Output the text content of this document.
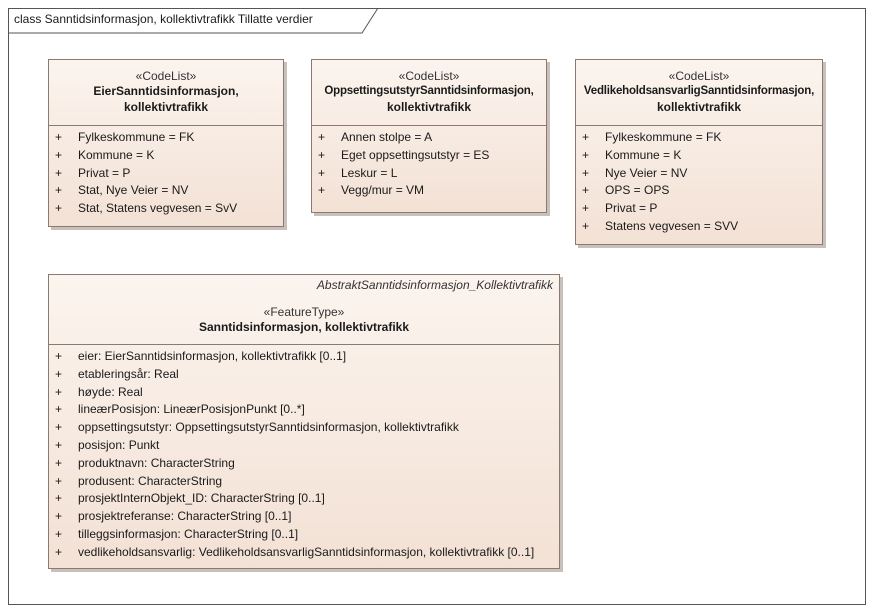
class Sanntidsinformasjon, kollektivtrafikk Tillatte verdier
«CodeList»
EierSanntidsinformasjon,
kollektivtrafikk
+ Fylkeskommune = FK
+ Kommune = K
+ Privat = P
+ Stat, Nye Veier = NV
+ Stat, Statens vegvesen = SvV
«CodeList»
OppsettingsutstyrSanntidsinformasjon,
kollektivtrafikk
+ Annen stolpe = A
+ Eget oppsettingsutstyr = ES
+ Leskur = L
+ Vegg/mur = VM
«CodeList»
VedlikeholdsansvarligSanntidsinformasjon,
kollektivtrafikk
+ Fylkeskommune = FK
+ Kommune = K
+ Nye Veier = NV
+ OPS = OPS
+ Privat = P
+ Statens vegvesen = SVV
AbstraktSanntidsinformasjon_Kollektivtrafikk
«FeatureType»
Sanntidsinformasjon, kollektivtrafikk
+ eier: EierSanntidsinformasjon, kollektivtrafikk [0..1]
+ etableringsår: Real
+ høyde: Real
+ lineærPosisjon: LineærPosisjonPunkt [0..*]
+ oppsettingsutstyr: OppsettingsutstyrSanntidsinformasjon, kollektivtrafikk
+ posisjon: Punkt
+ produktnavn: CharacterString
+ produsent: CharacterString
+ prosjektInternObjekt_ID: CharacterString [0..1]
+ prosjektreferanse: CharacterString [0..1]
+ tilleggsinformasjon: CharacterString [0..1]
+ vedlikeholdsansvarlig: VedlikeholdsansvarligSanntidsinformasjon, kollektivtrafikk [0..1]
